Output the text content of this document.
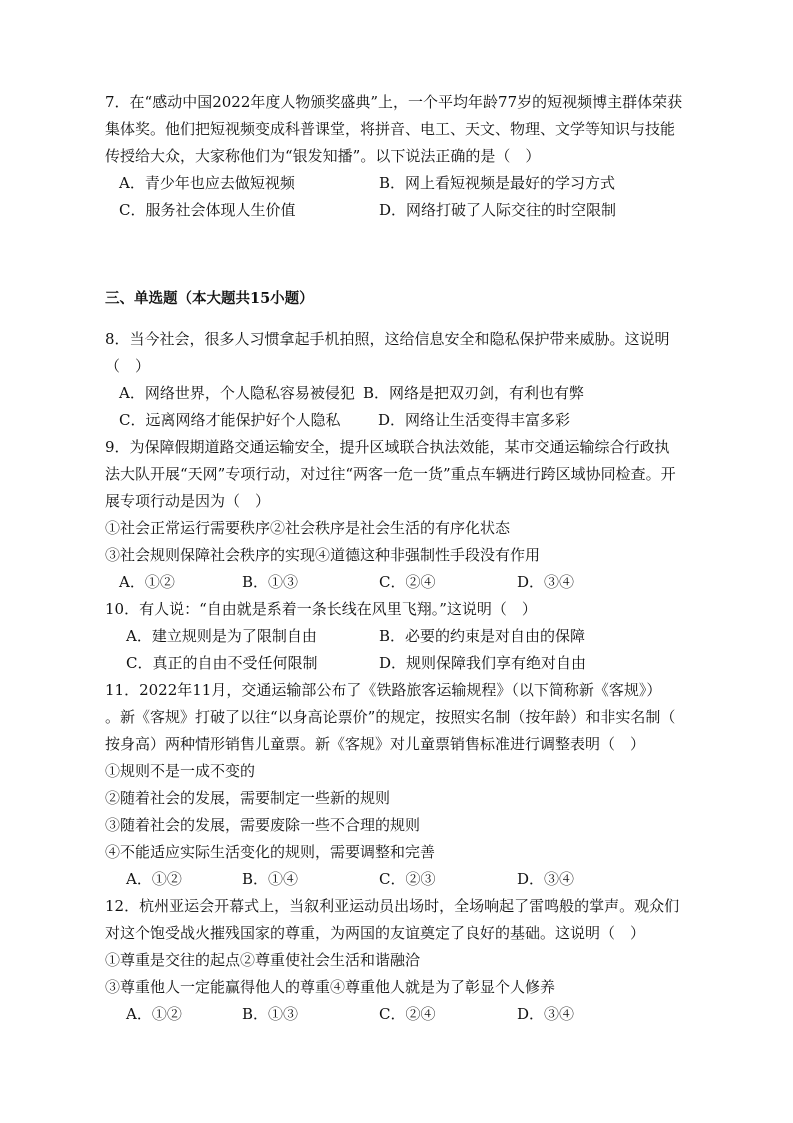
7．在“感动中国2022年度人物颁奖盛典”上，一个平均年龄77岁的短视频博主群体荣获
集体奖。他们把短视频变成科普课堂，将拼音、电工、天文、物理、文学等知识与技能
传授给大众，大家称他们为“银发知播”。以下说法正确的是（　）
A．青少年也应去做短视频	B．网上看短视频是最好的学习方式
C．服务社会体现人生价值	D．网络打破了人际交往的时空限制
三、单选题（本大题共15小题）
8．当今社会，很多人习惯拿起手机拍照，这给信息安全和隐私保护带来威胁。这说明
（　）
A．网络世界，个人隐私容易被侵犯 B．网络是把双刃剑，有利也有弊
C．远离网络才能保护好个人隐私	D．网络让生活变得丰富多彩
9．为保障假期道路交通运输安全，提升区域联合执法效能，某市交通运输综合行政执
法大队开展“天网”专项行动，对过往“两客一危一货”重点车辆进行跨区域协同检查。开
展专项行动是因为（　）
①社会正常运行需要秩序②社会秩序是社会生活的有序化状态
③社会规则保障社会秩序的实现④道德这种非强制性手段没有作用
A．①②	B．①③	C．②④	D．③④
10．有人说：“自由就是系着一条长线在风里飞翔。”这说明（　）
A．建立规则是为了限制自由	B．必要的约束是对自由的保障
C．真正的自由不受任何限制	D．规则保障我们享有绝对自由
11．2022年11月，交通运输部公布了《铁路旅客运输规程》（以下简称新《客规》）
。新《客规》打破了以往“以身高论票价”的规定，按照实名制（按年龄）和非实名制（
按身高）两种情形销售儿童票。新《客规》对儿童票销售标准进行调整表明（　）
①规则不是一成不变的
②随着社会的发展，需要制定一些新的规则
③随着社会的发展，需要废除一些不合理的规则
④不能适应实际生活变化的规则，需要调整和完善
A．①②	B．①④	C．②③	D．③④
12．杭州亚运会开幕式上，当叙利亚运动员出场时，全场响起了雷鸣般的掌声。观众们
对这个饱受战火摧残国家的尊重，为两国的友谊奠定了良好的基础。这说明（　）
①尊重是交往的起点②尊重使社会生活和谐融洽
③尊重他人一定能赢得他人的尊重④尊重他人就是为了彰显个人修养
A．①②	B．①③	C．②④	D．③④
